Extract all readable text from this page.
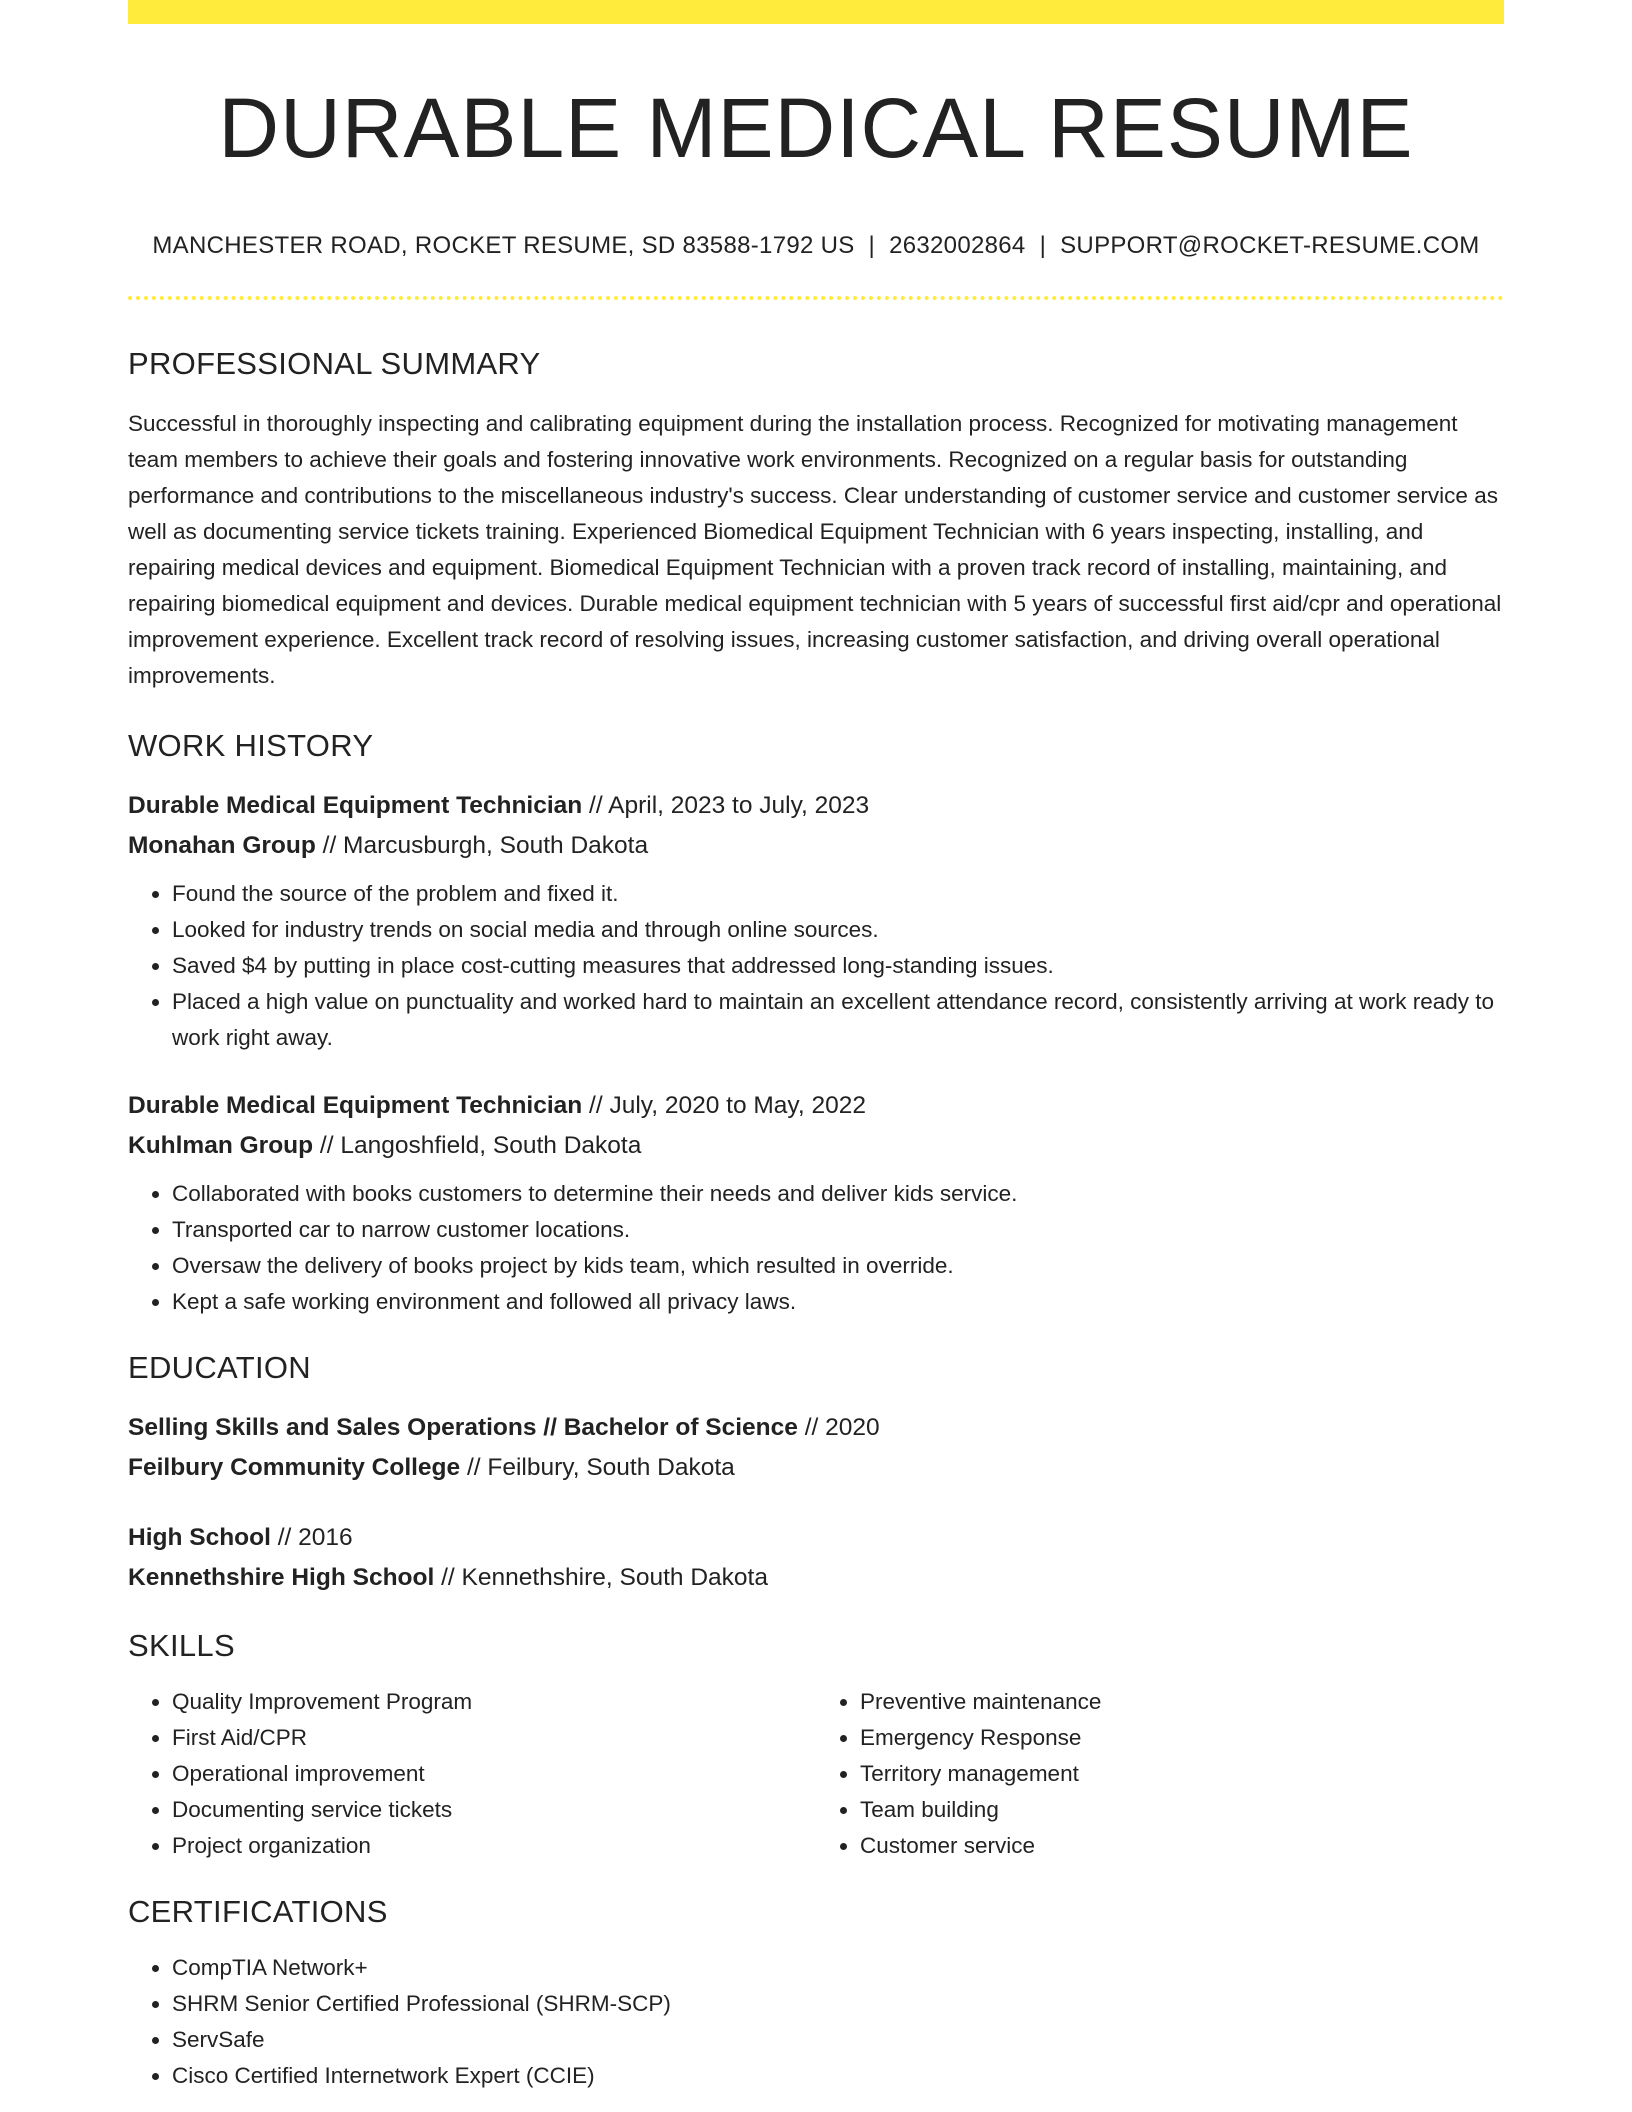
DURABLE MEDICAL RESUME
MANCHESTER ROAD, ROCKET RESUME, SD 83588-1792 US | 2632002864 | SUPPORT@ROCKET-RESUME.COM
PROFESSIONAL SUMMARY
Successful in thoroughly inspecting and calibrating equipment during the installation process. Recognized for motivating management team members to achieve their goals and fostering innovative work environments. Recognized on a regular basis for outstanding performance and contributions to the miscellaneous industry's success. Clear understanding of customer service and customer service as well as documenting service tickets training. Experienced Biomedical Equipment Technician with 6 years inspecting, installing, and repairing medical devices and equipment. Biomedical Equipment Technician with a proven track record of installing, maintaining, and repairing biomedical equipment and devices. Durable medical equipment technician with 5 years of successful first aid/cpr and operational improvement experience. Excellent track record of resolving issues, increasing customer satisfaction, and driving overall operational improvements.
WORK HISTORY
Durable Medical Equipment Technician // April, 2023 to July, 2023
Monahan Group // Marcusburgh, South Dakota
• Found the source of the problem and fixed it.
• Looked for industry trends on social media and through online sources.
• Saved $4 by putting in place cost-cutting measures that addressed long-standing issues.
• Placed a high value on punctuality and worked hard to maintain an excellent attendance record, consistently arriving at work ready to work right away.
Durable Medical Equipment Technician // July, 2020 to May, 2022
Kuhlman Group // Langoshfield, South Dakota
• Collaborated with books customers to determine their needs and deliver kids service.
• Transported car to narrow customer locations.
• Oversaw the delivery of books project by kids team, which resulted in override.
• Kept a safe working environment and followed all privacy laws.
EDUCATION
Selling Skills and Sales Operations // Bachelor of Science // 2020
Feilbury Community College // Feilbury, South Dakota
High School // 2016
Kennethshire High School // Kennethshire, South Dakota
SKILLS
• Quality Improvement Program
• First Aid/CPR
• Operational improvement
• Documenting service tickets
• Project organization
• Preventive maintenance
• Emergency Response
• Territory management
• Team building
• Customer service
CERTIFICATIONS
• CompTIA Network+
• SHRM Senior Certified Professional (SHRM-SCP)
• ServSafe
• Cisco Certified Internetwork Expert (CCIE)
